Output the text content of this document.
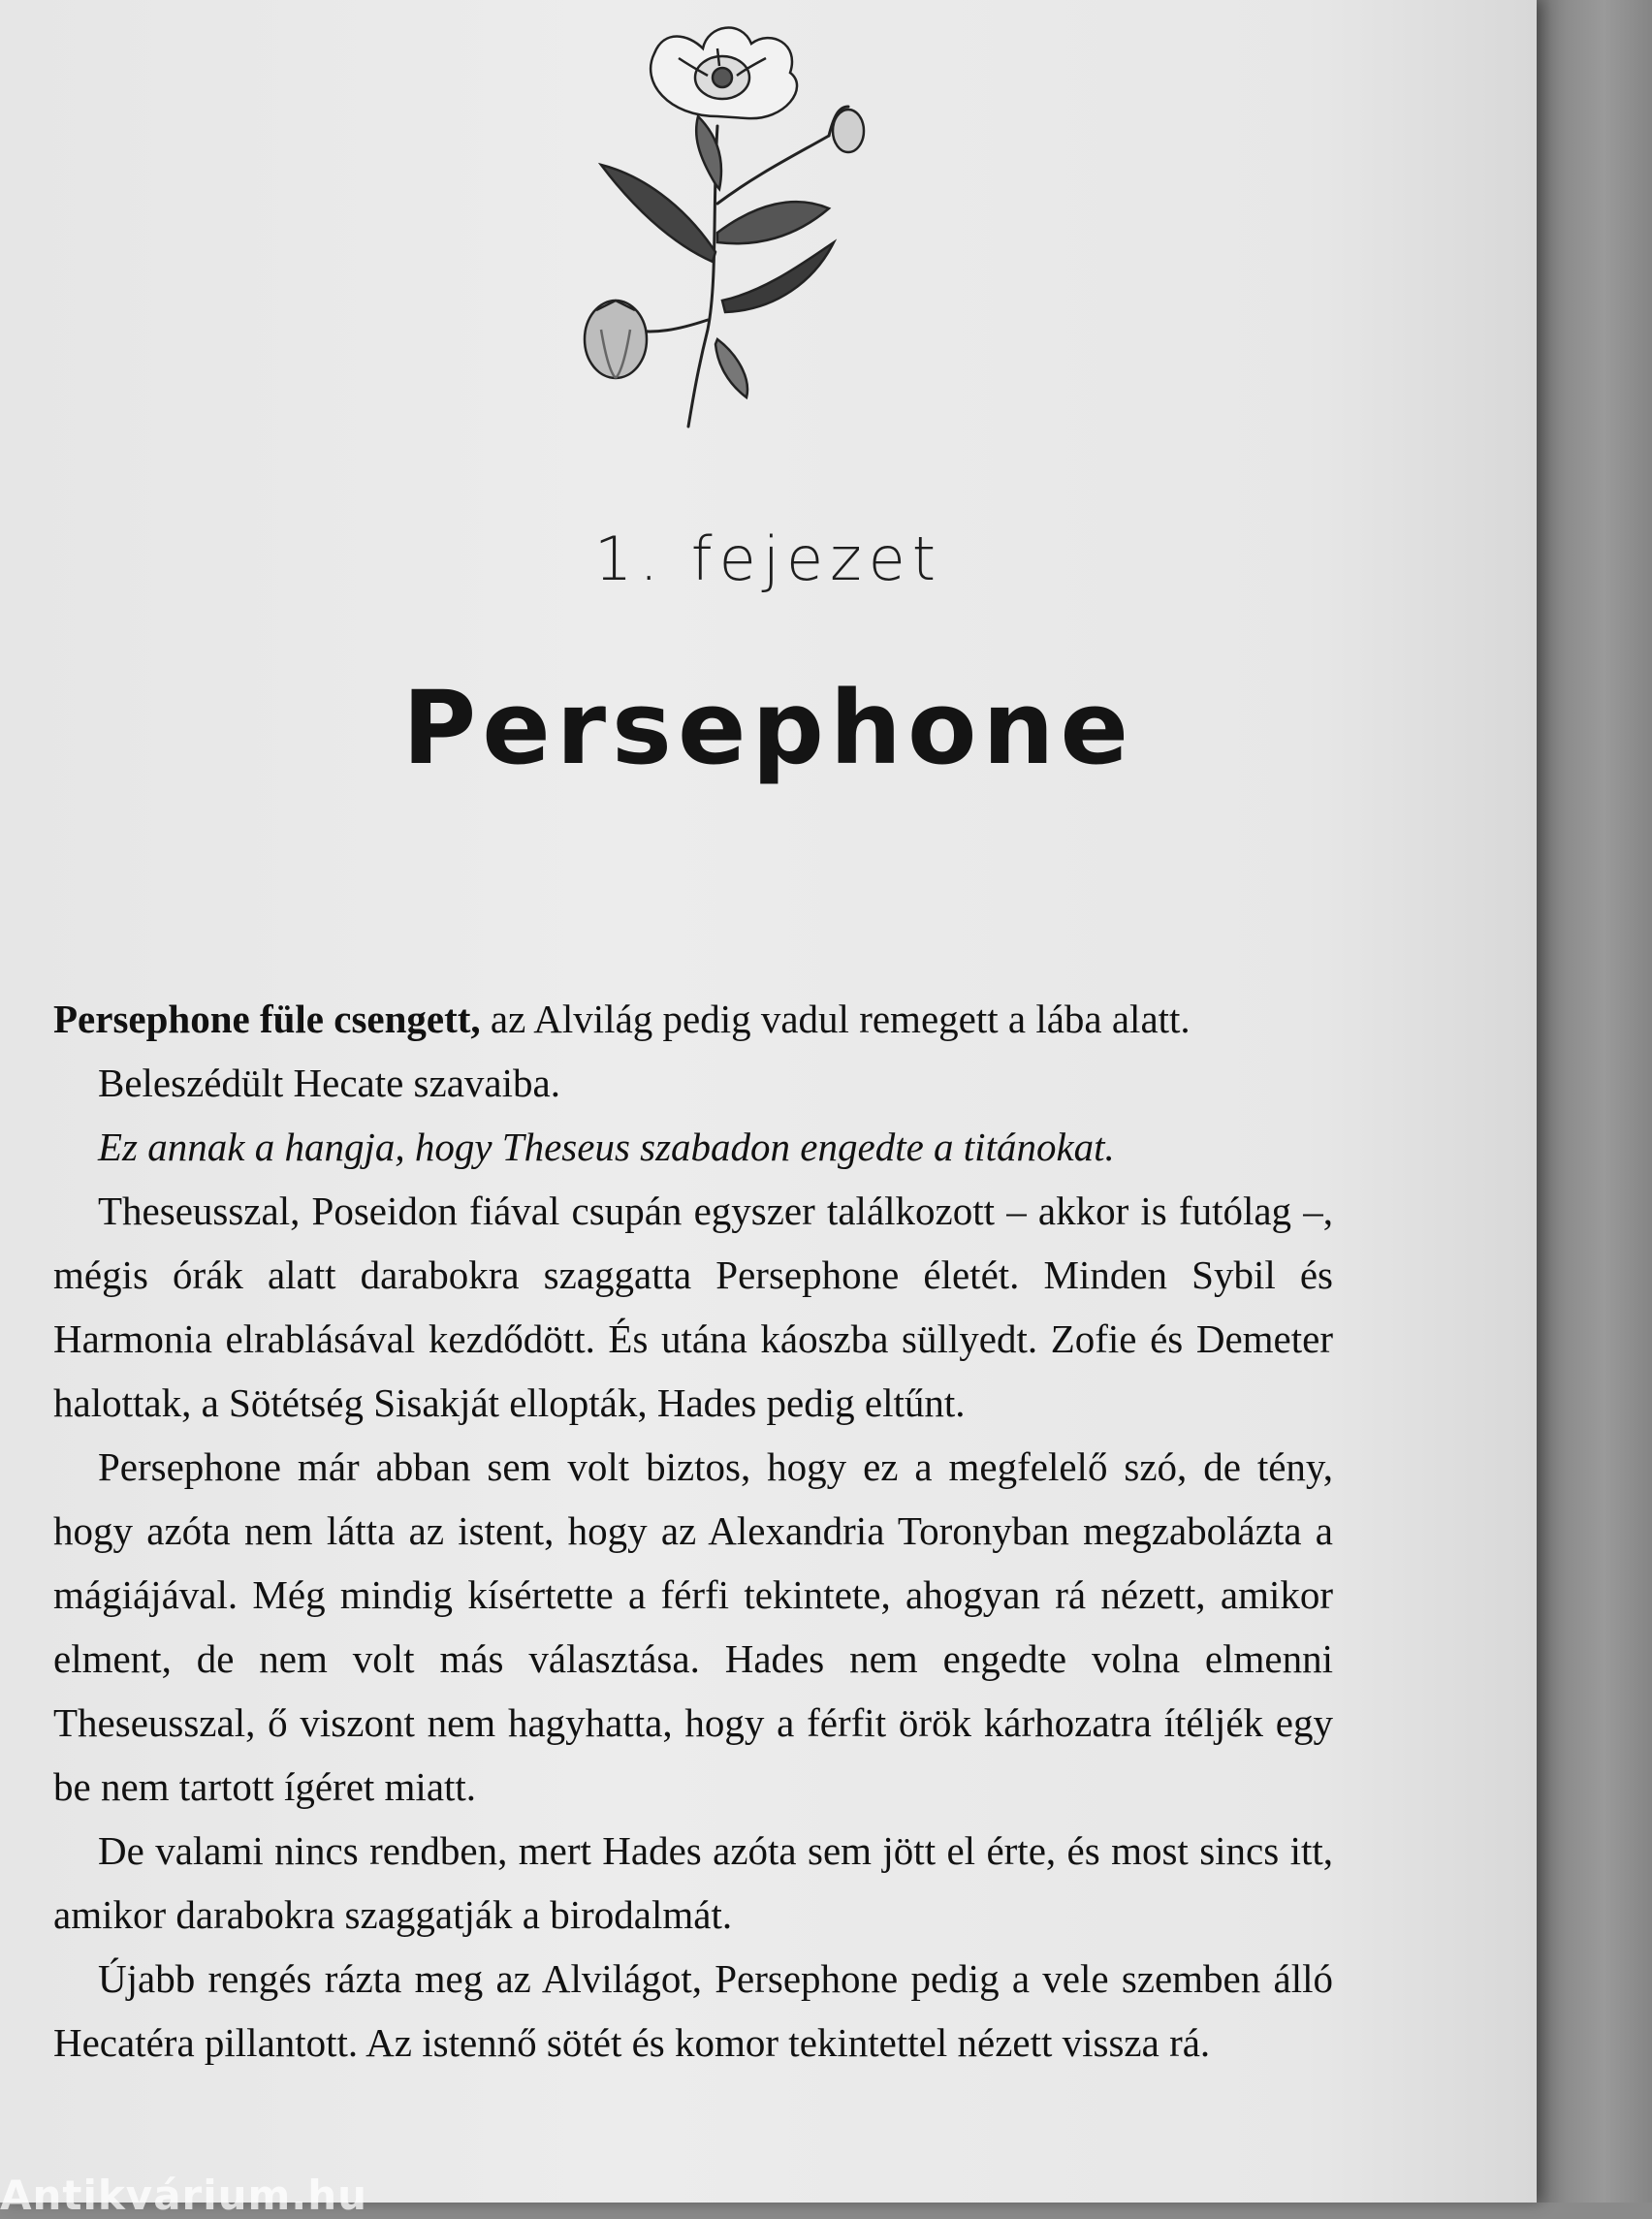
1. fejezet
Persephone

Persephone füle csengett, az Alvilág pedig vadul remegett a lába alatt.

Beleszédült Hecate szavaiba.

Ez annak a hangja, hogy Theseus szabadon engedte a titánokat.

Theseusszal, Poseidon fiával csupán egyszer találkozott – akkor is futólag –, mégis órák alatt darabokra szaggatta Persephone életét. Minden Sybil és Harmonia elrablásával kezdődött. És utána káoszba süllyedt. Zofie és Demeter halottak, a Sötétség Sisakját ellopták, Hades pedig eltűnt.

Persephone már abban sem volt biztos, hogy ez a megfelelő szó, de tény, hogy azóta nem látta az istent, hogy az Alexandria Toronyban megzabolázta a mágiájával. Még mindig kísértette a férfi tekintete, ahogyan rá nézett, amikor elment, de nem volt más választása. Hades nem engedte volna elmenni Theseusszal, ő viszont nem hagyhatta, hogy a férfit örök kárhozatra ítéljék egy be nem tartott ígéret miatt.

De valami nincs rendben, mert Hades azóta sem jött el érte, és most sincs itt, amikor darabokra szaggatják a birodalmát.

Újabb rengés rázta meg az Alvilágot, Persephone pedig a vele szemben álló Hecatéra pillantott. Az istennő sötét és komor tekintettel nézett vissza rá.

Antikvárium.hu
